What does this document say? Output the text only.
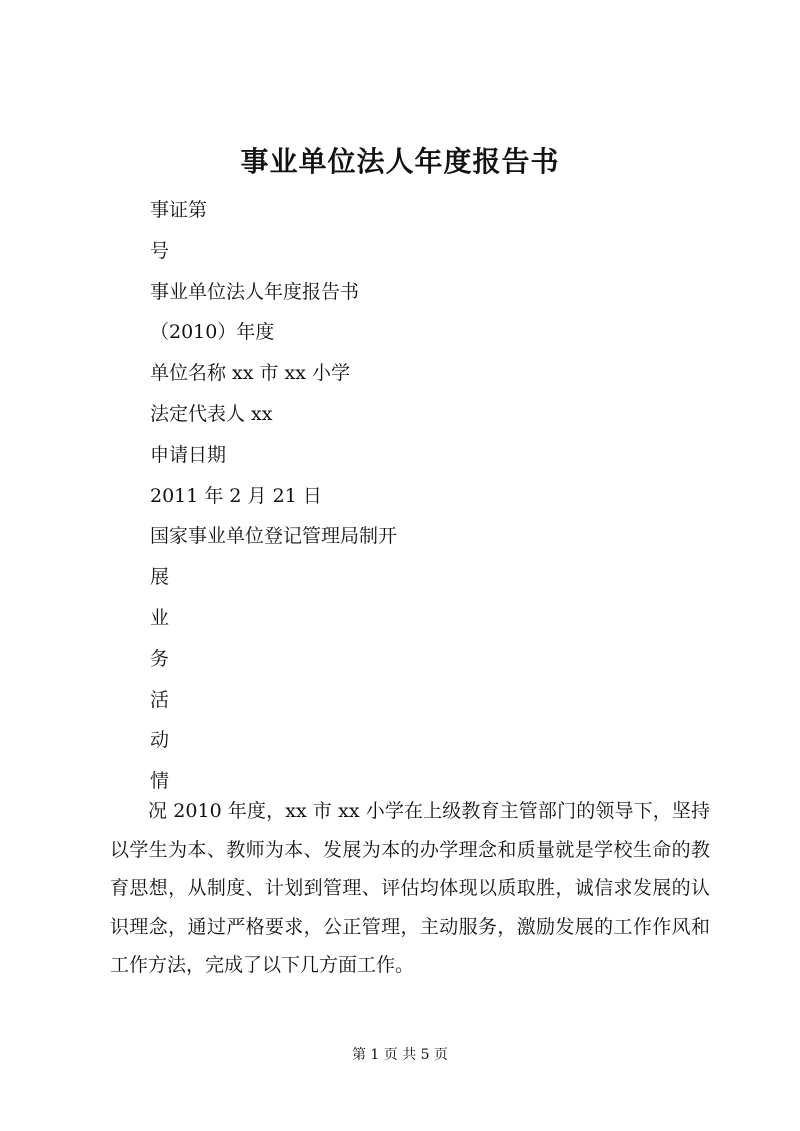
事业单位法人年度报告书
事证第
号
事业单位法人年度报告书
（2010）年度
单位名称 xx 市 xx 小学
法定代表人 xx
申请日期
2011 年 2 月 21 日
国家事业单位登记管理局制开
展
业
务
活
动
情
况 2010 年度，xx 市 xx 小学在上级教育主管部门的领导下，坚持以学生为本、教师为本、发展为本的办学理念和质量就是学校生命的教育思想，从制度、计划到管理、评估均体现以质取胜，诚信求发展的认识理念，通过严格要求，公正管理，主动服务，激励发展的工作作风和工作方法，完成了以下几方面工作。
第 1 页 共 5 页
